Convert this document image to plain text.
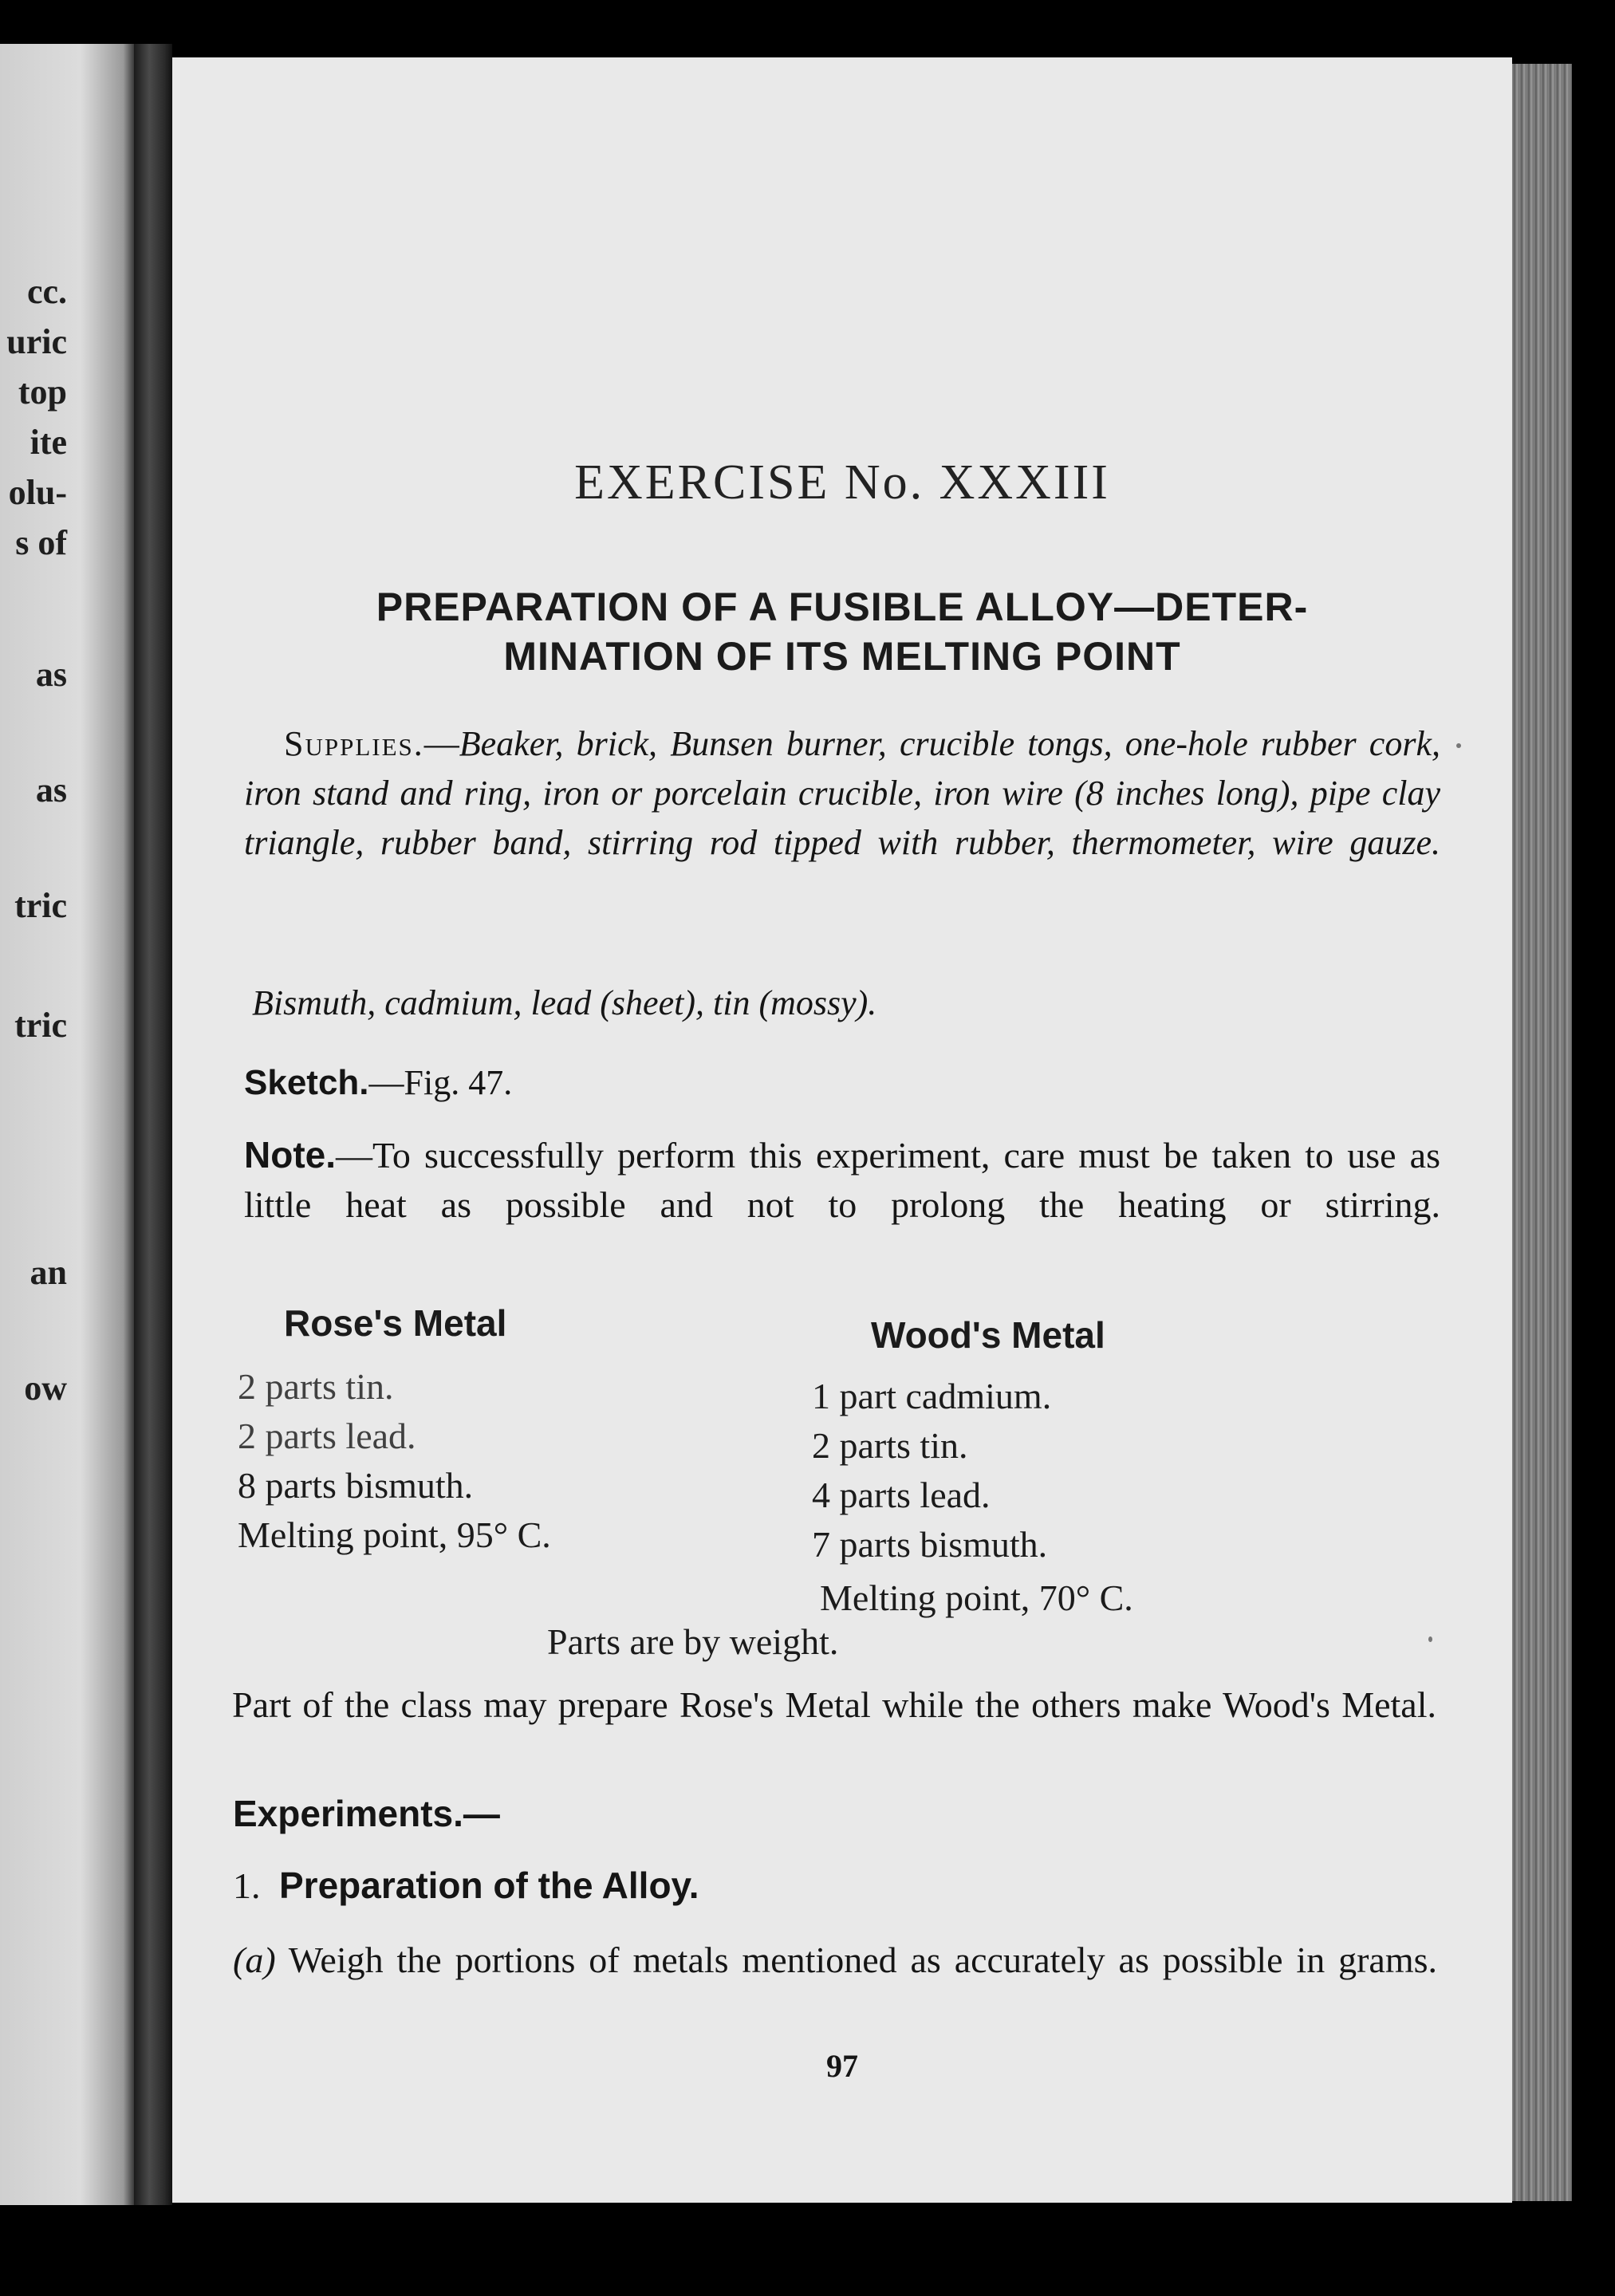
cc.
uric
top
ite
olu-
s of
as
as
tric
tric
an
ow
EXERCISE No. XXXIII
PREPARATION OF A FUSIBLE ALLOY—DETER-
MINATION OF ITS MELTING POINT
Supplies.—Beaker, brick, Bunsen burner, crucible tongs, one-hole rubber cork, iron stand and ring, iron or porcelain crucible, iron wire (8 inches long), pipe clay triangle, rubber band, stirring rod tipped with rubber, thermometer, wire gauze.
Bismuth, cadmium, lead (sheet), tin (mossy).
Sketch.—Fig. 47.
Note.—To successfully perform this experiment, care must be taken to use as little heat as possible and not to prolong the heating or stirring.
Rose's Metal
2 parts tin.
2 parts lead.
8 parts bismuth.
Melting point, 95° C.
Wood's Metal
1 part cadmium.
2 parts tin.
4 parts lead.
7 parts bismuth.
Melting point, 70° C.
Parts are by weight.
Part of the class may prepare Rose's Metal while the others make Wood's Metal.
Experiments.—
1. Preparation of the Alloy.
(a) Weigh the portions of metals mentioned as accurately as possible in grams.
97
